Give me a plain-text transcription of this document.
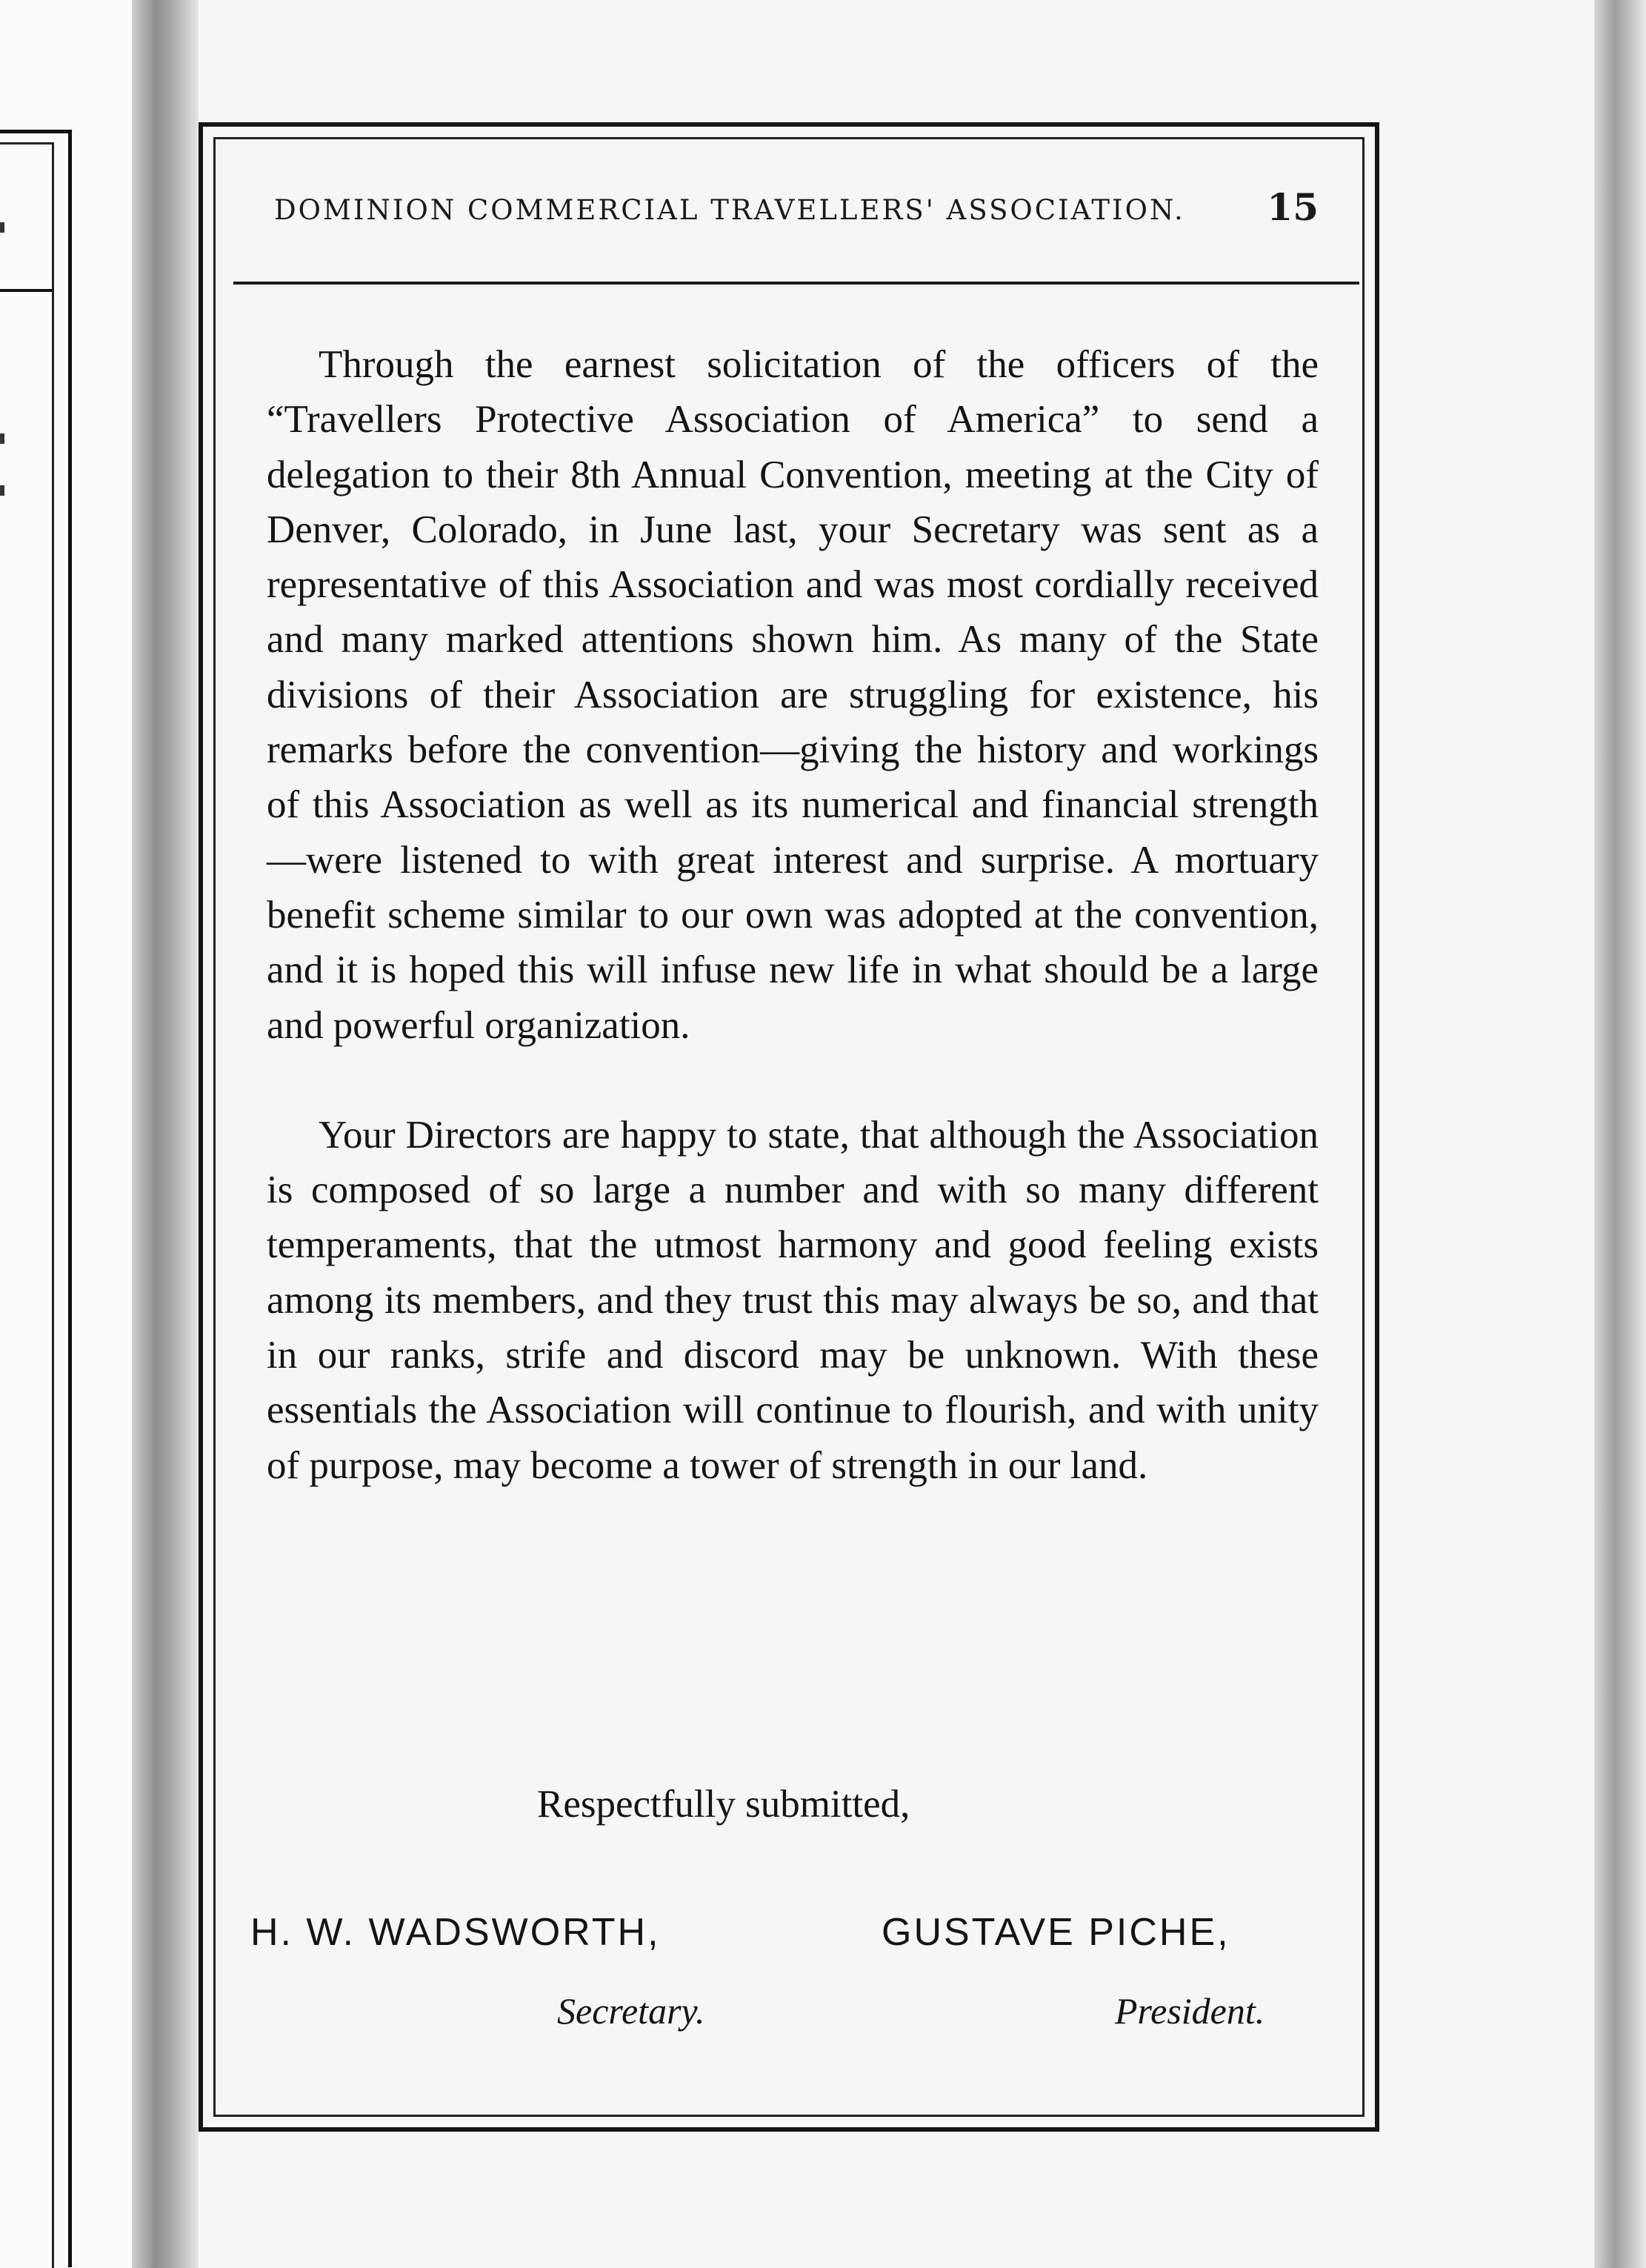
DOMINION COMMERCIAL TRAVELLERS' ASSOCIATION. 15

Through the earnest solicitation of the officers of the “Travellers Protective Association of America” to send a delegation to their 8th Annual Convention, meeting at the City of Denver, Colorado, in June last, your Secretary was sent as a representative of this Association and was most cordially received and many marked attentions shown him. As many of the State divisions of their Association are struggling for existence, his remarks before the convention—giving the history and workings of this Association as well as its numerical and financial strength—were listened to with great interest and surprise. A mortuary benefit scheme similar to our own was adopted at the convention, and it is hoped this will infuse new life in what should be a large and powerful organization.

Your Directors are happy to state, that although the Association is composed of so large a number and with so many different temperaments, that the utmost harmony and good feeling exists among its members, and they trust this may always be so, and that in our ranks, strife and discord may be unknown. With these essentials the Association will continue to flourish, and with unity of purpose, may become a tower of strength in our land.

Respectfully submitted,
H. W. WADSWORTH,	GUSTAVE PICHE,
Secretary.	President.
